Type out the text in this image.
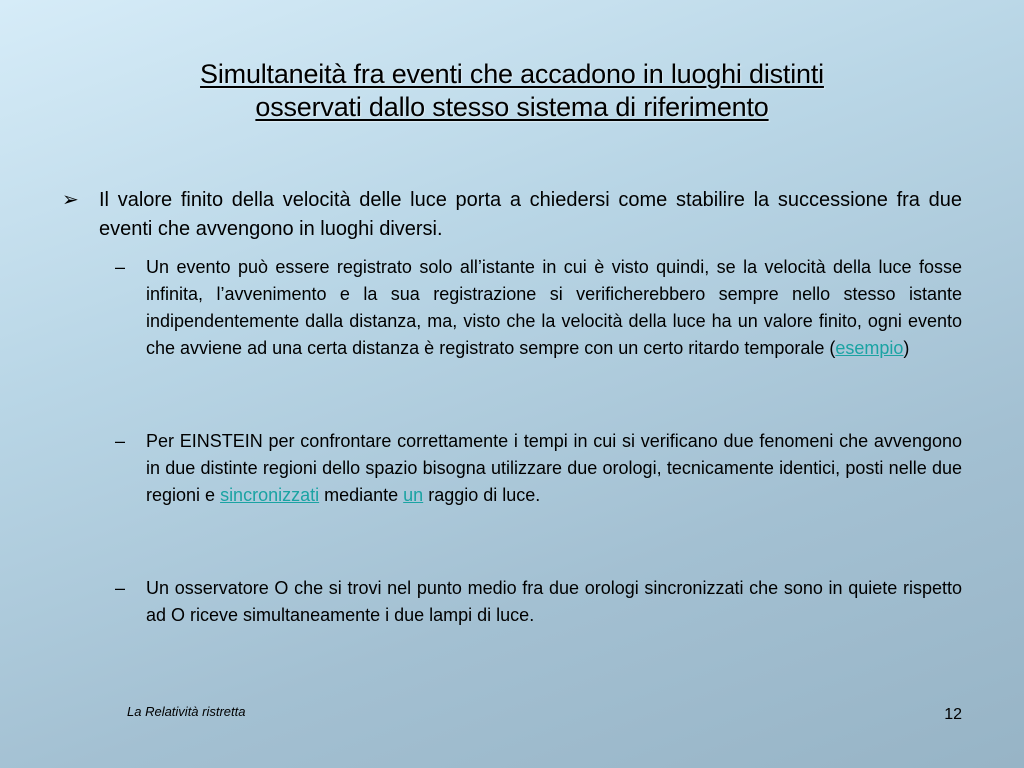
Simultaneità fra eventi che accadono in luoghi distinti
osservati dallo stesso sistema di riferimento
➢ Il valore finito della velocità delle luce porta a chiedersi come stabilire la successione fra due eventi che avvengono in luoghi diversi.
– Un evento può essere registrato solo all’istante in cui è visto quindi, se la velocità della luce fosse infinita, l’avvenimento e la sua registrazione si verificherebbero sempre nello stesso istante indipendentemente dalla distanza, ma, visto che la velocità della luce ha un valore finito, ogni evento che avviene ad una certa distanza è registrato sempre con un certo ritardo temporale (esempio)
– Per EINSTEIN per confrontare correttamente i tempi in cui si verificano due fenomeni che avvengono in due distinte regioni dello spazio bisogna utilizzare due orologi, tecnicamente identici, posti nelle due regioni e sincronizzati mediante un raggio di luce.
– Un osservatore O che si trovi nel punto medio fra due orologi sincronizzati che sono in quiete rispetto ad O riceve simultaneamente i due lampi di luce.
La Relatività ristretta	12
